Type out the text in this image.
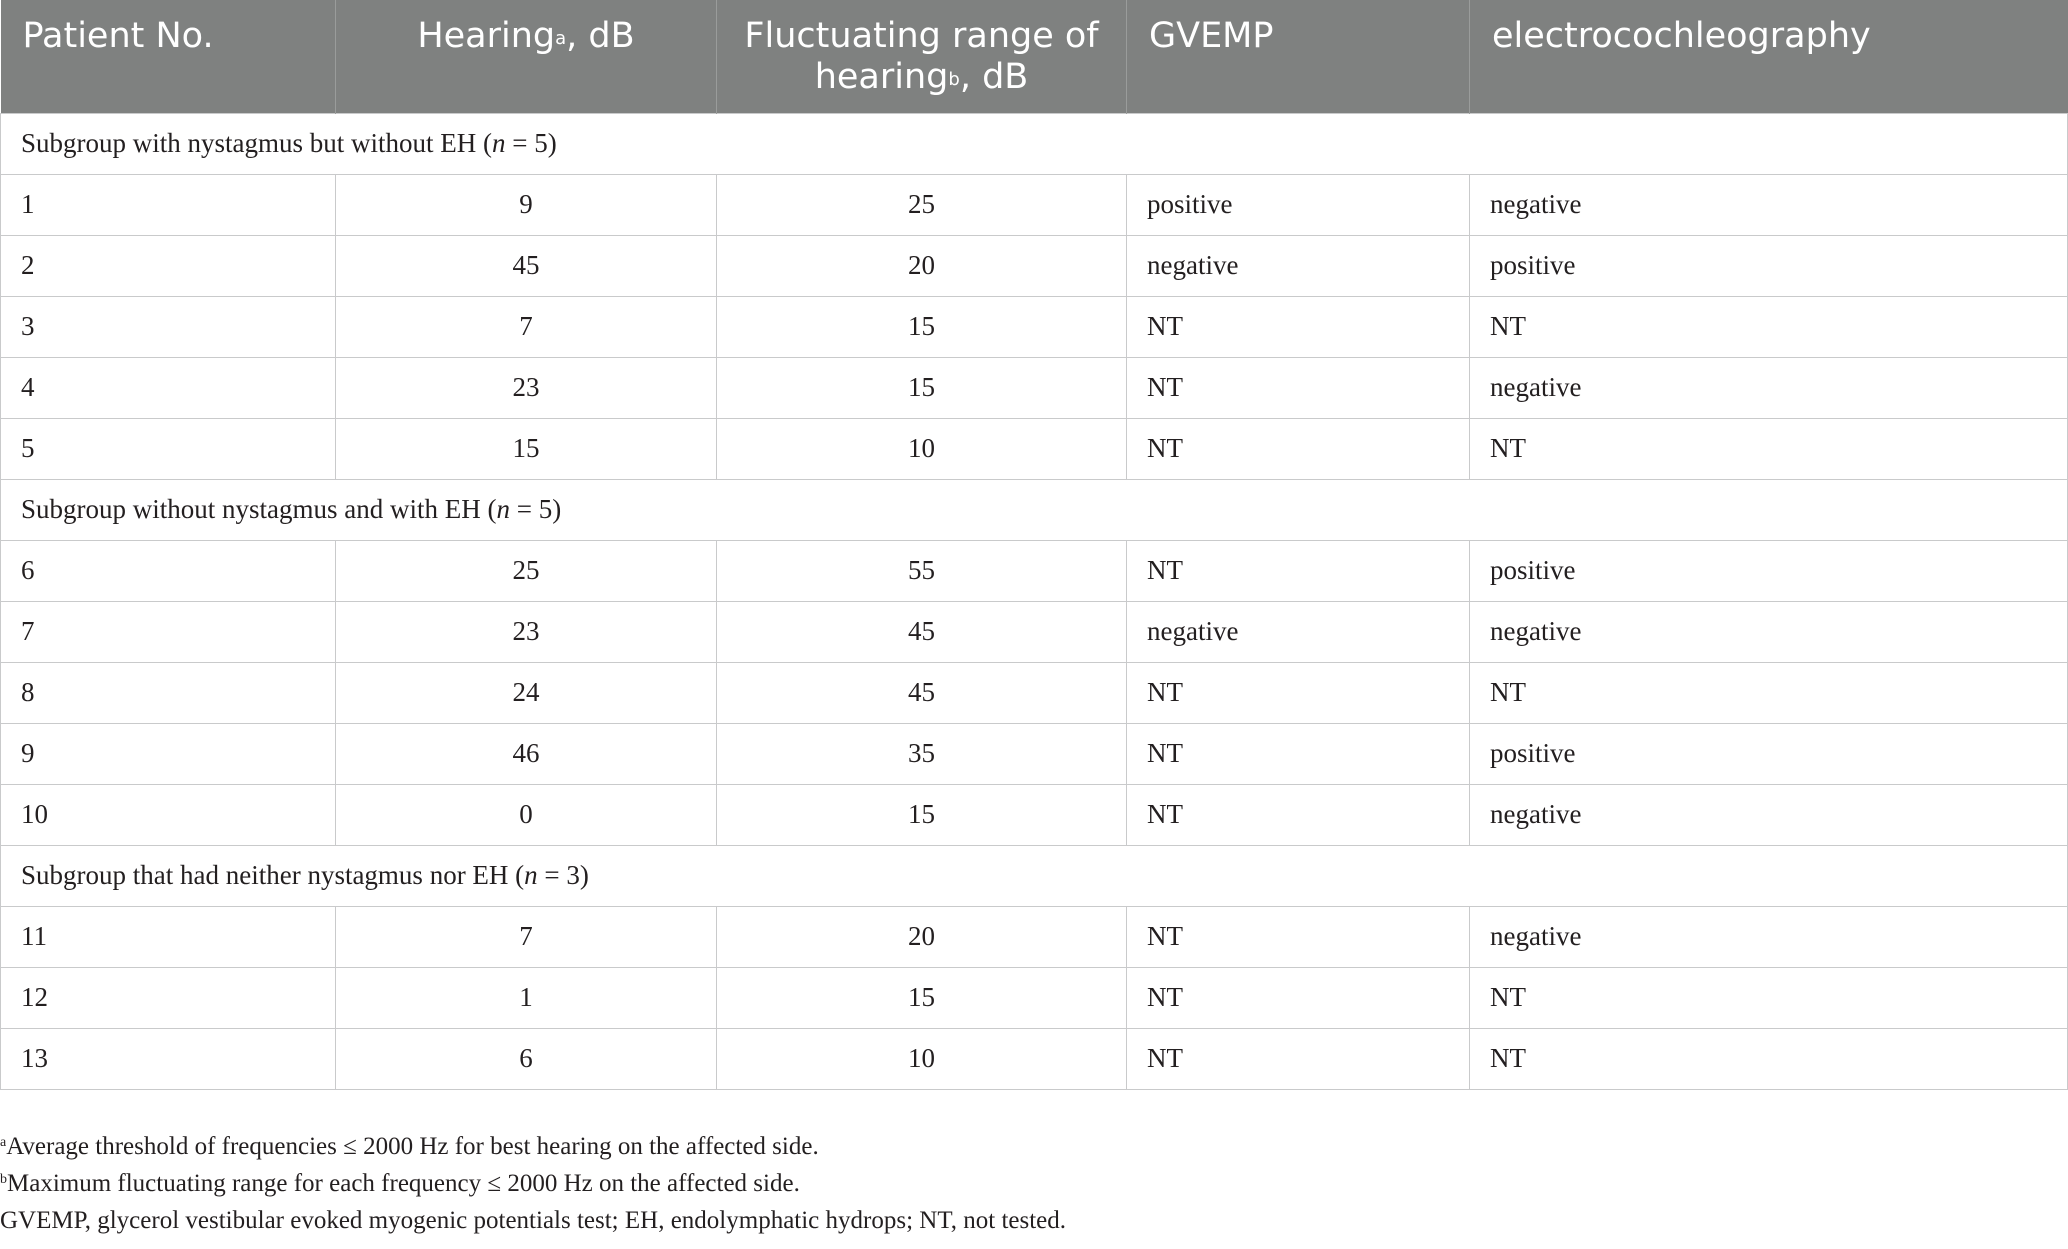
Patient No.	Hearing$^a$, dB	Fluctuating range of hearing$^b$, dB	GVEMP	electrocochleography
Subgroup with nystagmus but without EH (n = 5)				
1	9	25	positive	negative
2	45	20	negative	positive
3	7	15	NT	NT
4	23	15	NT	negative
5	15	10	NT	NT
Subgroup without nystagmus and with EH (n = 5)				
6	25	55	NT	positive
7	23	45	negative	negative
8	24	45	NT	NT
9	46	35	NT	positive
10	0	15	NT	negative
Subgroup that had neither nystagmus nor EH (n = 3)				
11	7	20	NT	negative
12	1	15	NT	NT
13	6	10	NT	NT
$^a$Average threshold of frequencies ≤ 2000 Hz for best hearing on the affected side.
$^b$Maximum fluctuating range for each frequency ≤ 2000 Hz on the affected side.
GVEMP, glycerol vestibular evoked myogenic potentials test; EH, endolymphatic hydrops; NT, not tested.
